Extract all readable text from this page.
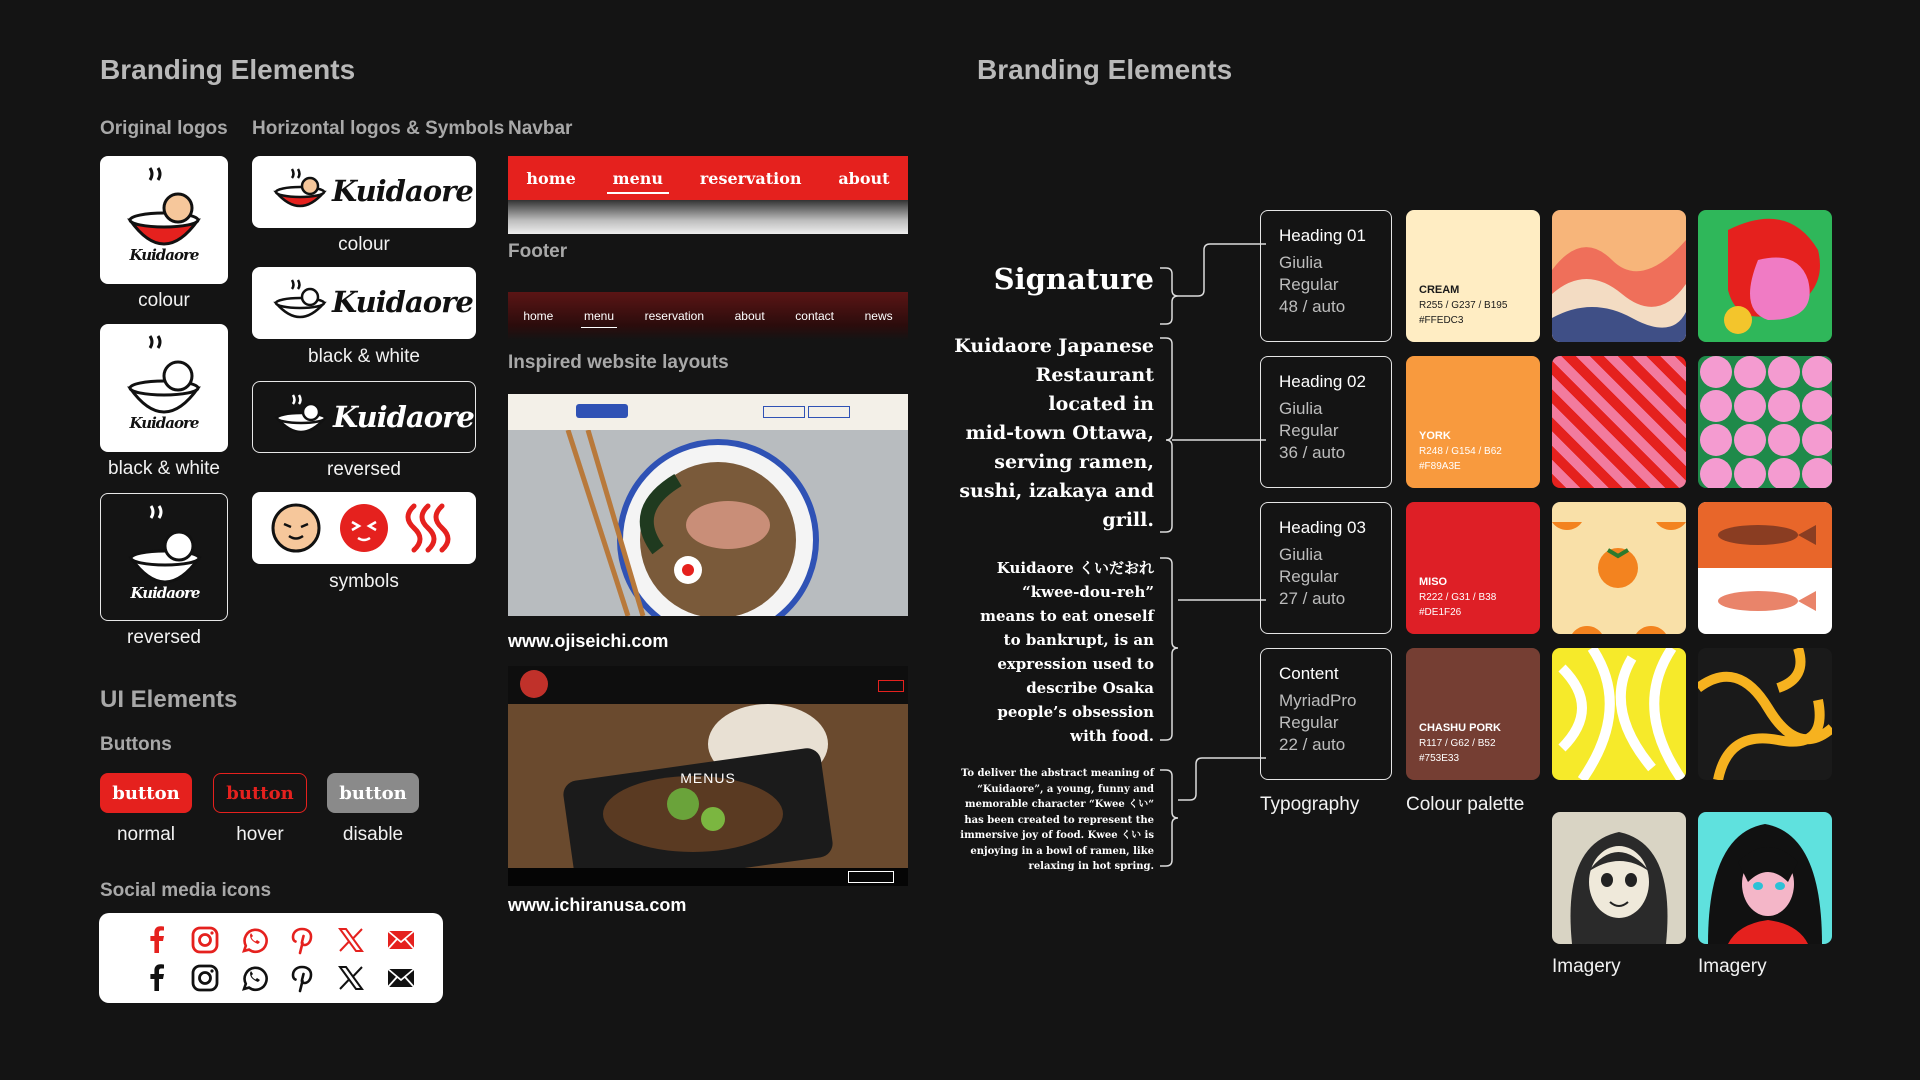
Branding Elements
Original logos Horizontal logos & Symbols Navbar
Kuidaore
colour
Kuidaore
black & white
Kuidaore
reversed
Kuidaore
colour
Kuidaore
black & white
Kuidaore
reversed
symbols
home menu reservation about
Footer
home	menu	reservation	about	contact	news
Inspired website layouts
www.ojiseichi.com
MENUS
www.ichiranusa.com
UI Elements
Buttons
button	button	button
normal	hover	disable
Social media icons

Branding Elements
Signature
Kuidaore Japanese
Restaurant
located in
mid-town Ottawa,
serving ramen,
sushi, izakaya and
grill.
Kuidaore くいだおれ
“kwee-dou-reh”
means to eat oneself
to bankrupt, is an
expression used to
describe Osaka
people’s obsession
with food.
To deliver the abstract meaning of
“Kuidaore”, a young, funny and
memorable character “Kwee くい“
has been created to represent the
immersive joy of food. Kwee くい is
enjoying in a bowl of ramen, like
relaxing in hot spring.
Heading 01
Giulia
Regular
48 / auto
Heading 02
Giulia
Regular
36 / auto
Heading 03
Giulia
Regular
27 / auto
Content
MyriadPro
Regular
22 / auto
Typography
CREAM
R255 / G237 / B195
#FFEDC3
YORK
R248 / G154 / B62
#F89A3E
MISO
R222 / G31 / B38
#DE1F26
CHASHU PORK
R117 / G62 / B52
#753E33
Colour palette
Imagery	Imagery
